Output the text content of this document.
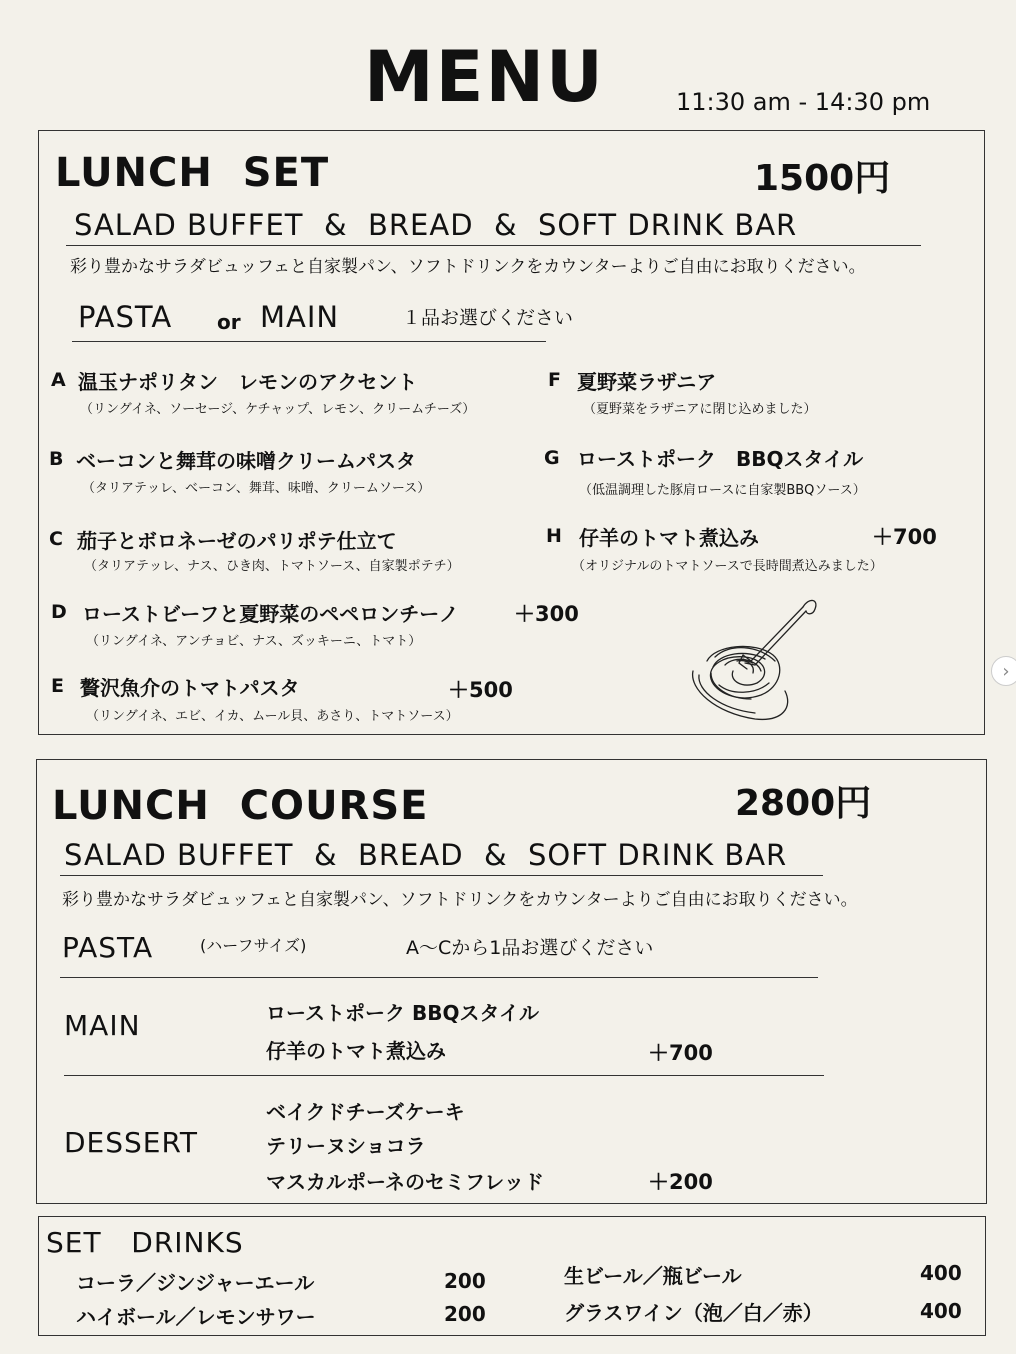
MENU	11:30 am - 14:30 pm
LUNCH  SET	1500円
SALAD BUFFET  &  BREAD  &  SOFT DRINK BAR
彩り豊かなサラダビュッフェと自家製パン、ソフトドリンクをカウンターよりご自由にお取りください。
PASTA or MAIN	１品お選びください
A 温玉ナポリタン　レモンのアクセント
（リングイネ、ソーセージ、ケチャップ、レモン、クリームチーズ）
B ベーコンと舞茸の味噌クリームパスタ
（タリアテッレ、ベーコン、舞茸、味噌、クリームソース）
C 茄子とボロネーゼのパリポテ仕立て
（タリアテッレ、ナス、ひき肉、トマトソース、自家製ポテチ）
D ローストビーフと夏野菜のペペロンチーノ	＋300
（リングイネ、アンチョビ、ナス、ズッキーニ、トマト）
E 贅沢魚介のトマトパスタ	＋500
（リングイネ、エビ、イカ、ムール貝、あさり、トマトソース）
F 夏野菜ラザニア
（夏野菜をラザニアに閉じ込めました）
G ローストポーク　BBQスタイル
（低温調理した豚肩ロースに自家製BBQソース）
H 仔羊のトマト煮込み	＋700
（オリジナルのトマトソースで長時間煮込みました）
LUNCH  COURSE	2800円
SALAD BUFFET  &  BREAD  &  SOFT DRINK BAR
彩り豊かなサラダビュッフェと自家製パン、ソフトドリンクをカウンターよりご自由にお取りください。
PASTA	(ハーフサイズ)	A〜Cから1品お選びください
MAIN	ローストポーク BBQスタイル
仔羊のトマト煮込み	＋700
DESSERT
ベイクドチーズケーキ
テリーヌショコラ
マスカルポーネのセミフレッド	＋200
SET   DRINKS
コーラ／ジンジャーエール	200
ハイボール／レモンサワー	200
生ビール／瓶ビール	400
グラスワイン（泡／白／赤）	400
›
